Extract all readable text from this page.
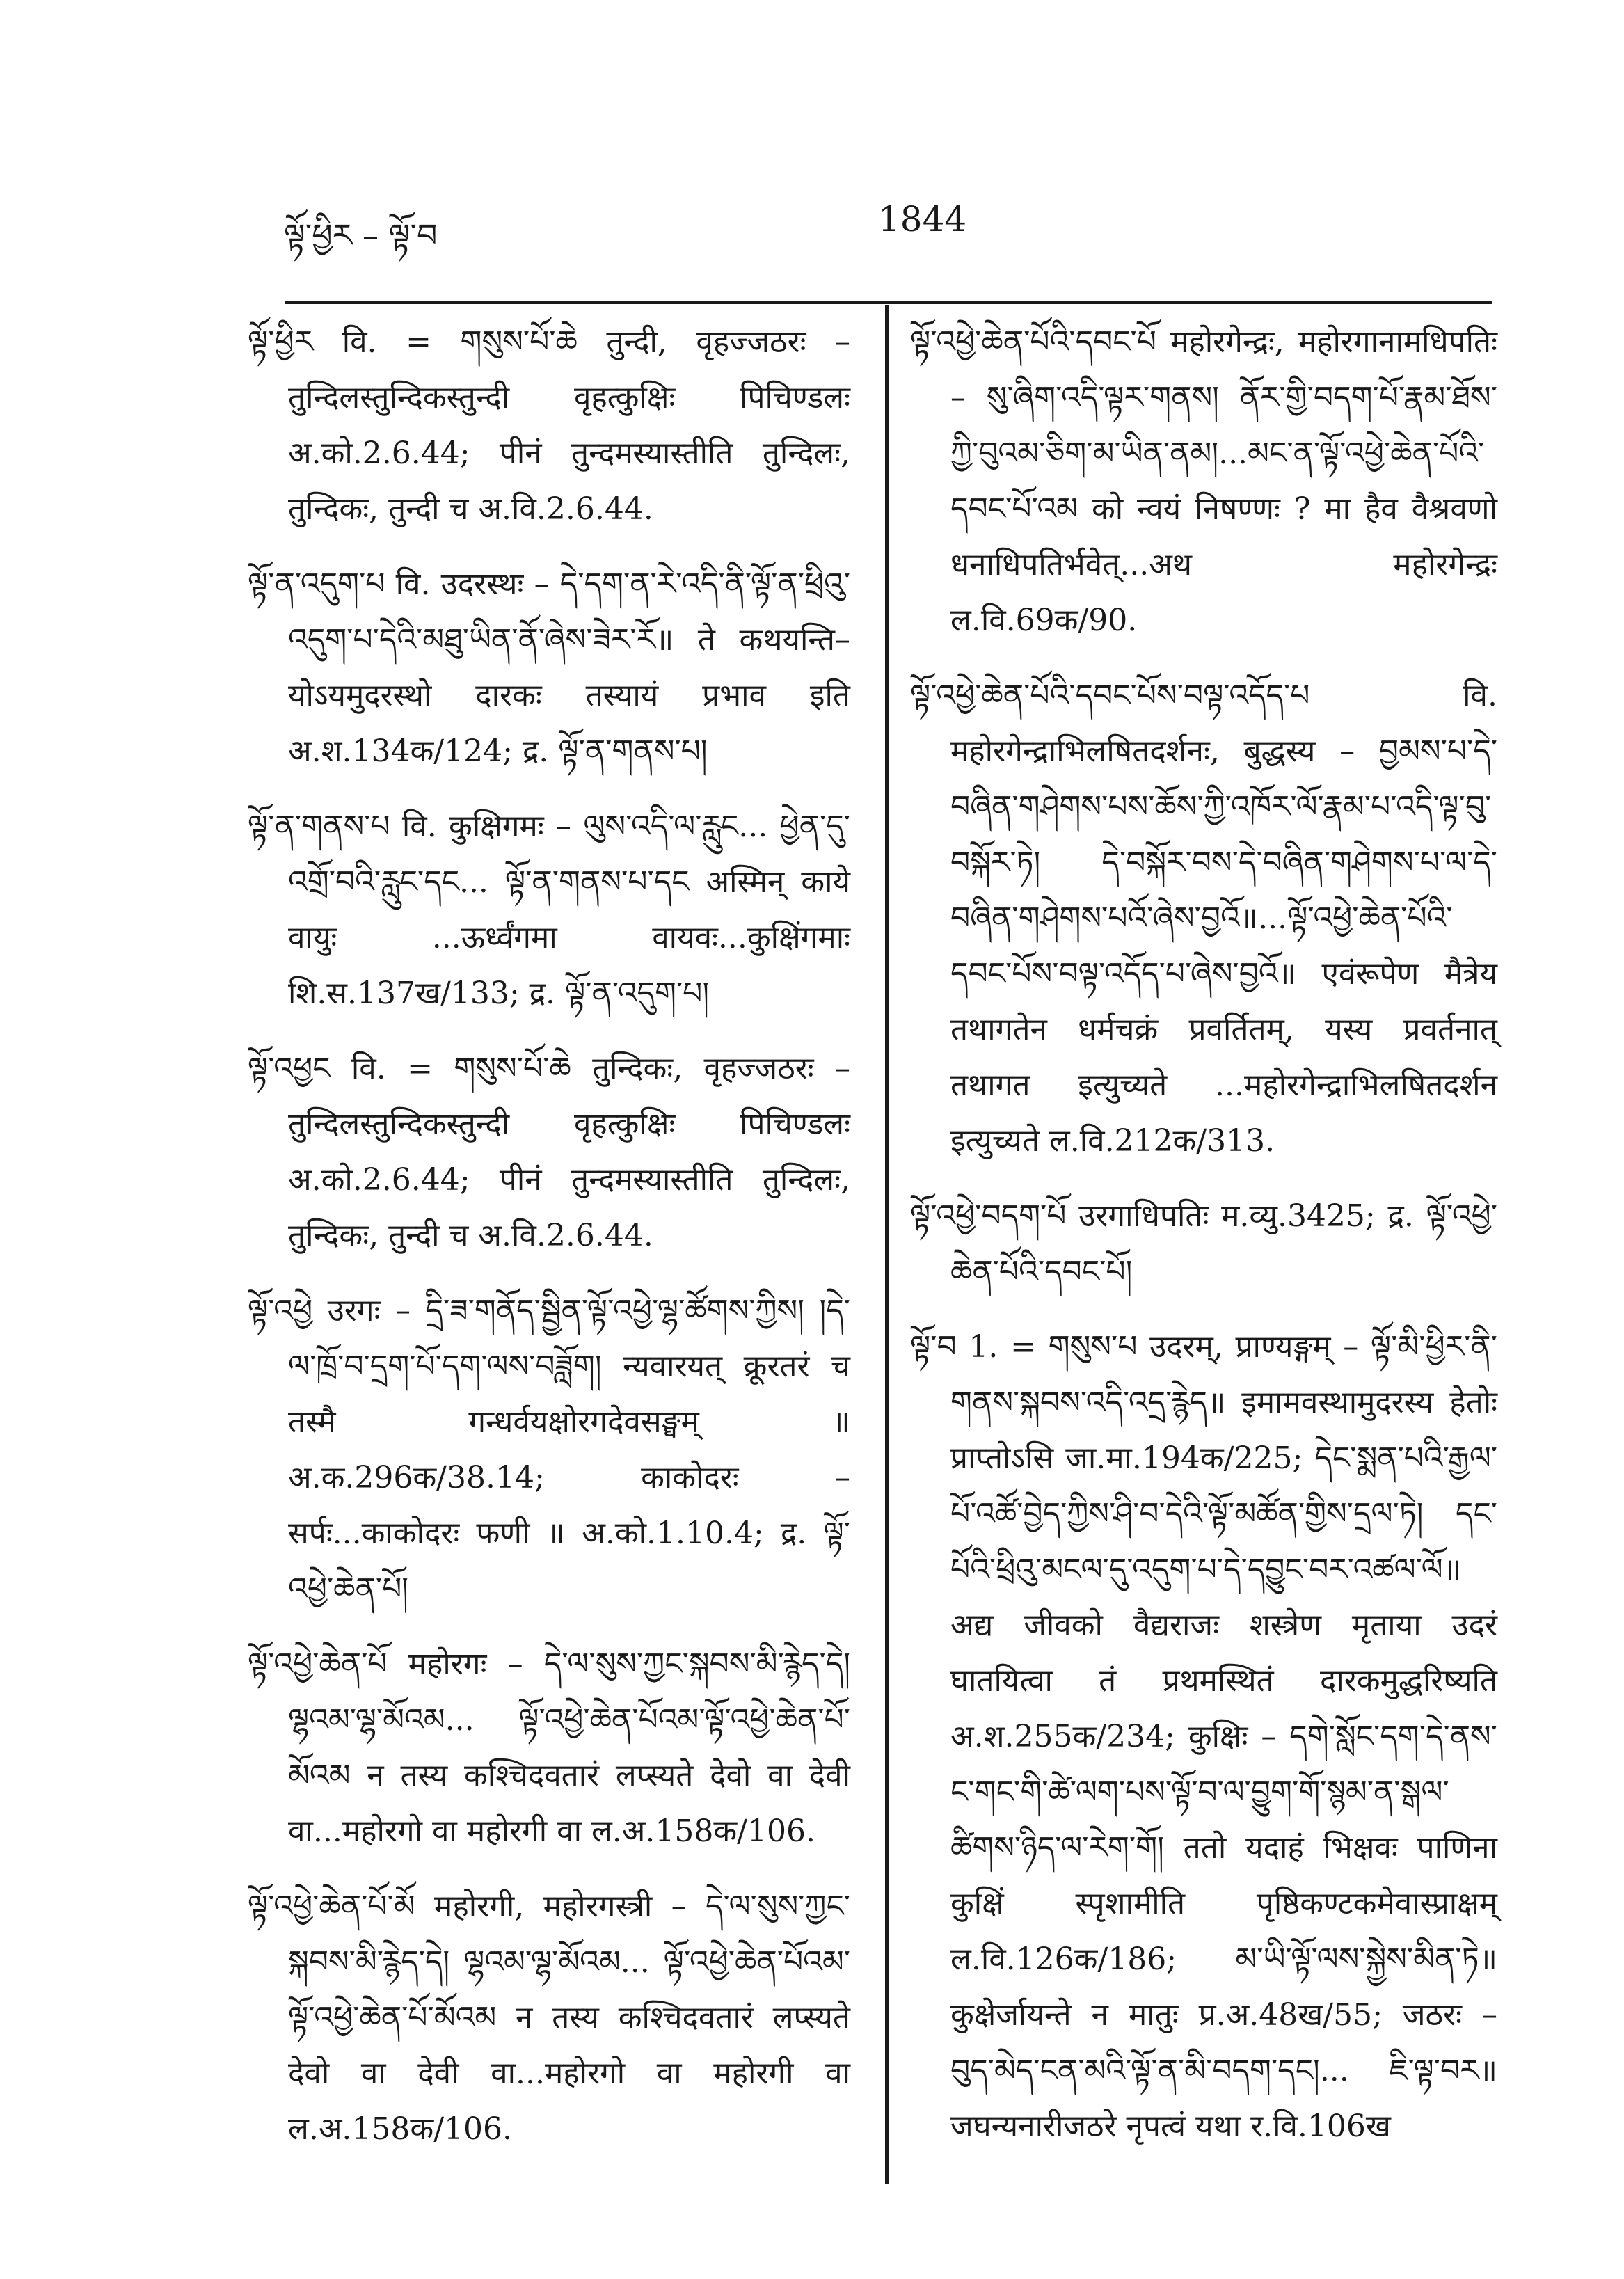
ལྟོ་ཕྱིར – ལྟོ་བ	1844
ལྟོ་ཕྱིར वि. = གསུས་པོ་ཆེ तुन्दी, वृहज्जठरः – तुन्दिलस्तुन्दिकस्तुन्दी वृहत्कुक्षिः पिचिण्डलः अ.को.2.6.44; पीनं तुन्दमस्यास्तीति तुन्दिलः, तुन्दिकः, तुन्दी च अ.वि.2.6.44.
ལྟོ་ན་འདུག་པ वि. उदरस्थः – དེ་དག་ན་རེ་འདི་ནི་ལྟོ་ན་ཕྲིའུ་འདུག་པ་དེའི་མཐུ་ཡིན་ནོ་ཞེས་ཟེར་རོ॥ ते कथयन्ति–योऽयमुदरस्थो दारकः तस्यायं प्रभाव इति अ.श.134क/124; द्र. ལྟོ་ན་གནས་པ།
ལྟོ་ན་གནས་པ वि. कुक्षिगमः – ལུས་འདི་ལ་རླུང... ཕྱེན་དུ་འགྲོ་བའི་རླུང་དང... ལྟོ་ན་གནས་པ་དང अस्मिन् काये वायुः ...ऊर्ध्वंगमा वायवः...कुक्षिंगमाः शि.स.137ख/133; द्र. ལྟོ་ན་འདུག་པ།
ལྟོ་འཕྱང वि. = གསུས་པོ་ཆེ तुन्दिकः, वृहज्जठरः – तुन्दिलस्तुन्दिकस्तुन्दी वृहत्कुक्षिः पिचिण्डलः अ.को.2.6.44; पीनं तुन्दमस्यास्तीति तुन्दिलः, तुन्दिकः, तुन्दी च अ.वि.2.6.44.
ལྟོ་འཕྱེ उरगः – དྲི་ཟ་གནོད་སྦྱིན་ལྟོ་འཕྱེ་ལྷ་ཚོགས་ཀྱིས། །དེ་ལ་ཁྲོ་བ་དྲག་པོ་དག་ལས་བཟློག། न्यवारयत् क्रूरतरं च तस्मै गन्धर्वयक्षोरगदेवसङ्घम् ॥ अ.क.296क/38.14; काकोदरः – सर्पः...काकोदरः फणी ॥ अ.को.1.10.4; द्र. ལྟོ་འཕྱེ་ཆེན་པོ།
ལྟོ་འཕྱེ་ཆེན་པོ महोरगः – དེ་ལ་སུས་ཀྱང་སྐབས་མི་རྙེད་དེ། ལྷའམ་ལྷ་མོའམ... ལྟོ་འཕྱེ་ཆེན་པོའམ་ལྟོ་འཕྱེ་ཆེན་པོ་མོའམ न तस्य कश्चिदवतारं लप्स्यते देवो वा देवी वा...महोरगो वा महोरगी वा ल.अ.158क/106.
ལྟོ་འཕྱེ་ཆེན་པོ་མོ महोरगी, महोरगस्त्री – དེ་ལ་སུས་ཀྱང་སྐབས་མི་རྙེད་དེ། ལྷའམ་ལྷ་མོའམ... ལྟོ་འཕྱེ་ཆེན་པོའམ་ལྟོ་འཕྱེ་ཆེན་པོ་མོའམ न तस्य कश्चिदवतारं लप्स्यते देवो वा देवी वा...महोरगो वा महोरगी वा ल.अ.158क/106.
ལྟོ་འཕྱེ་ཆེན་པོའི་དབང་པོ महोरगेन्द्रः, महोरगानामधिपतिः – སུ་ཞིག་འདི་ལྟར་གནས། ནོར་གྱི་བདག་པོ་རྣམ་ཐོས་ཀྱི་བུའམ་ཅིག་མ་ཡིན་ནམ།...མང་ན་ལྟོ་འཕྱེ་ཆེན་པོའི་དབང་པོ་འམ को न्वयं निषण्णः ? मा हैव वैश्रवणो धनाधिपतिर्भवेत्...अथ महोरगेन्द्रः ल.वि.69क/90.
ལྟོ་འཕྱེ་ཆེན་པོའི་དབང་པོས་བལྟ་འདོད་པ वि. महोरगेन्द्राभिलषितदर्शनः, बुद्धस्य – བྱམས་པ་དེ་བཞིན་གཤེགས་པས་ཆོས་ཀྱི་འཁོར་ལོ་རྣམ་པ་འདི་ལྟ་བུ་བསྐོར་ཏེ། དེ་བསྐོར་བས་དེ་བཞིན་གཤེགས་པ་ལ་དེ་བཞིན་གཤེགས་པའོ་ཞེས་བྱའོ॥...ལྟོ་འཕྱེ་ཆེན་པོའི་དབང་པོས་བལྟ་འདོད་པ་ཞེས་བྱའོ॥ एवंरूपेण मैत्रेय तथागतेन धर्मचक्रं प्रवर्तितम्, यस्य प्रवर्तनात् तथागत इत्युच्यते ...महोरगेन्द्राभिलषितदर्शन इत्युच्यते ल.वि.212क/313.
ལྟོ་འཕྱེ་བདག་པོ उरगाधिपतिः म.व्यु.3425; द्र. ལྟོ་འཕྱེ་ཆེན་པོའི་དབང་པོ།
ལྟོ་བ 1. = གསུས་པ उदरम्, प्राण्यङ्गम् – ལྟོ་མི་ཕྱིར་ནི་གནས་སྐབས་འདི་འདྲ་རྙེད॥ इमामवस्थामुदरस्य हेतोः प्राप्तोऽसि जा.मा.194क/225; དེང་སྨན་པའི་རྒྱལ་པོ་འཚོ་བྱེད་ཀྱིས་ཤི་བ་དེའི་ལྟོ་མཚོན་གྱིས་དྲལ་ཏེ། དང་པོའི་ཕྲིའུ་མངལ་དུ་འདུག་པ་དེ་དབྱུང་བར་འཚལ་ལོ॥ अद्य जीवको वैद्यराजः शस्त्रेण मृताया उदरं घातयित्वा तं प्रथमस्थितं दारकमुद्धरिष्यति अ.श.255क/234; कुक्षिः – དགེ་སློང་དག་དེ་ནས་ང་གང་གི་ཚེ་ལག་པས་ལྟོ་བ་ལ་བྱུག་གོ་སྙམ་ན་སྒལ་ཚིགས་ཉིད་ལ་རེག་གོ། ततो यदाहं भिक्षवः पाणिना कुक्षिं स्पृशामीति पृष्ठिकण्टकमेवास्प्राक्षम् ल.वि.126क/186; མ་ཡི་ལྟོ་ལས་སྐྱེས་མིན་ཏེ॥ कुक्षेर्जायन्ते न मातुः प्र.अ.48ख/55; जठरः – བུད་མེད་ངན་མའི་ལྟོ་ན་མི་བདག་དང།... ཇི་ལྟ་བར॥ जघन्यनारीजठरे नृपत्वं यथा र.वि.106ख
